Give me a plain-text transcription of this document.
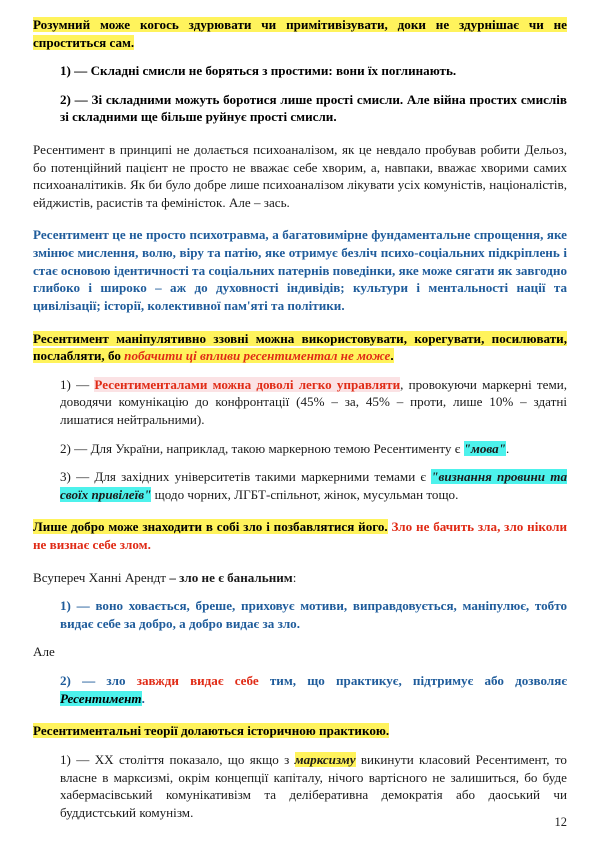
Розумний може когось здурювати чи примітивізувати, доки не здурнішає чи не спроститься сам.

1) — Складні смисли не боряться з простими: вони їх поглинають.

2) — Зі складними можуть боротися лише прості смисли. Але війна простих смислів зі складними ще більше руйнує прості смисли.

Ресентимент в принципі не долається психоаналізом, як це невдало пробував робити Дельоз, бо потенційний пацієнт не просто не вважає себе хворим, а, навпаки, вважає хворими самих психоаналітиків. Як би було добре лише психоаналізом лікувати усіх комуністів, націоналістів, ейджистів, расистів та феміністок. Але – зась.

Ресентимент це не просто психотравма, а багатовимірне фундаментальне спрощення, яке змінює мислення, волю, віру та патію, яке отримує безліч психо-соціальних підкріплень і стає основою ідентичності та соціальних патернів поведінки, яке може сягати як завгодно глибоко і широко – аж до духовності індивідів; культури і ментальності нації та цивілізації; історії, колективної пам'яті та політики.

Ресентимент маніпулятивно ззовні можна використовувати, корегувати, посилювати, послабляти, бо побачити ці впливи ресентиментал не може.

1) — Ресентименталами можна доволі легко управляти, провокуючи маркерні теми, доводячи комунікацію до конфронтації (45% – за, 45% – проти, лише 10% – здатні лишатися нейтральними).

2) — Для України, наприклад, такою маркерною темою Ресентименту є "мова".

3) — Для західних університетів такими маркерними темами є "визнання провини та своїх привілеїв" щодо чорних, ЛГБТ-спільнот, жінок, мусульман тощо.

Лише добро може знаходити в собі зло і позбавлятися його. Зло не бачить зла, зло ніколи не визнає себе злом.

Всупереч Ханні Арендт – зло не є банальним:

1) — воно ховається, бреше, приховує мотиви, виправдовується, маніпулює, тобто видає себе за добро, а добро видає за зло.

Але

2) — зло завжди видає себе тим, що практикує, підтримує або дозволяє Ресентимент.

Ресентиментальні теорії долаються історичною практикою.

1) — ХХ століття показало, що якщо з марксизму викинути класовий Ресентимент, то власне в марксизмі, окрім концепції капіталу, нічого вартісного не залишиться, бо буде хабермасівський комунікативізм та деліберативна демократія або даоський чи буддистський комунізм.

12
